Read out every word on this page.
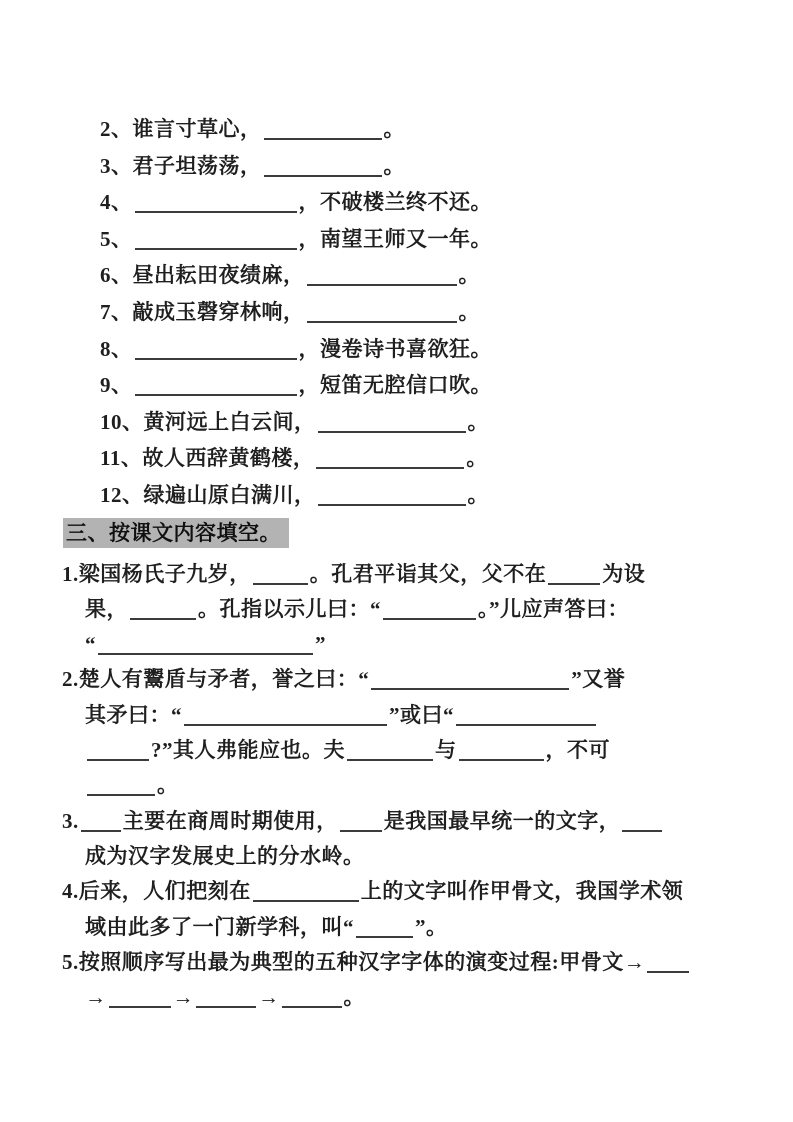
2、谁言寸草心，	。
3、君子坦荡荡，	。
4、	，不破楼兰终不还。
5、	，南望王师又一年。
6、昼出耘田夜绩麻，	。
7、敲成玉磬穿林响，	。
8、	，漫卷诗书喜欲狂。
9、	，短笛无腔信口吹。
10、黄河远上白云间，	。
11、故人西辞黄鹤楼，	。
12、绿遍山原白满川，	。
三、按课文内容填空。
1.梁国杨氏子九岁，	。孔君平诣其父，父不在	为设
果，	。孔指以示儿曰：“	。”儿应声答曰：
“	”
2.楚人有鬻盾与矛者，誉之曰：“	”又誉
其矛曰：“	”或曰“
?”其人弗能应也。夫	与	，不可
。
3. 主要在商周时期使用， 是我国最早统一的文字，
成为汉字发展史上的分水岭。
4.后来，人们把刻在	上的文字叫作甲骨文，我国学术领
域由此多了一门新学科，叫“	”。
5.按照顺序写出最为典型的五种汉字字体的演变过程:甲骨文→
→	→	→	。
